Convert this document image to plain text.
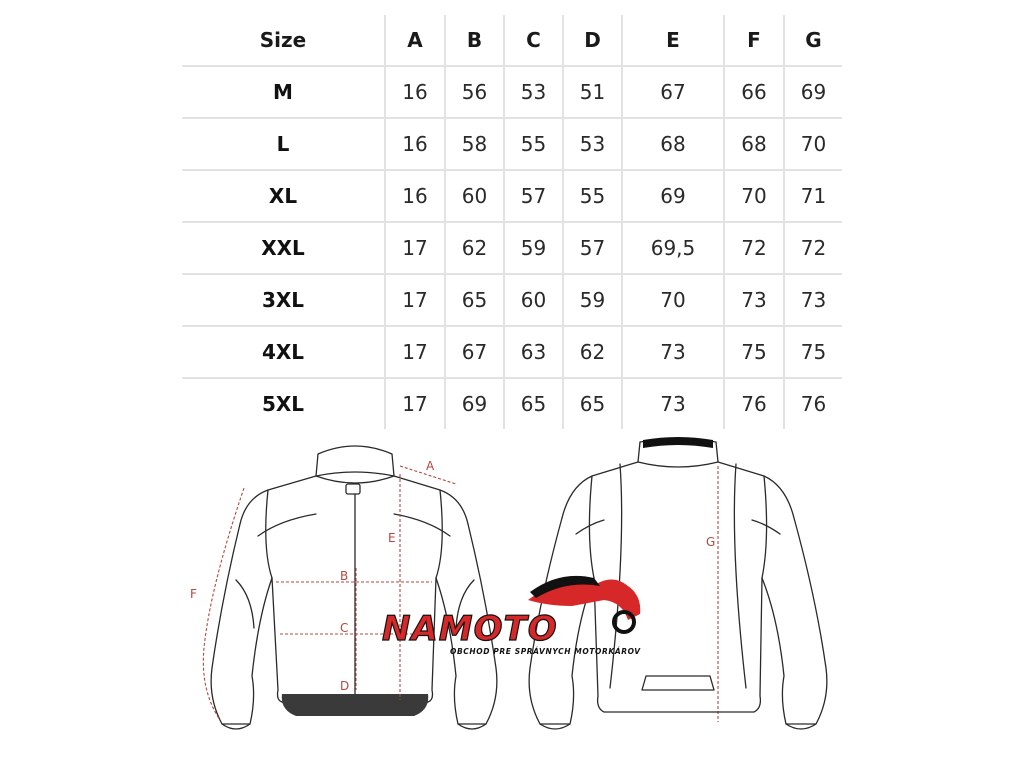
Size	A	B	C	D	E	F	G
M	16	56	53	51	67	66	69
L	16	58	55	53	68	68	70
XL	16	60	57	55	69	70	71
XXL	17	62	59	57	69,5	72	72
3XL	17	65	60	59	70	73	73
4XL	17	67	63	62	73	75	75
5XL	17	69	65	65	73	76	76
A
E
B
C
D
F
G
NAMOTO
OBCHOD PRE SPRÁVNYCH MOTORKÁROV
